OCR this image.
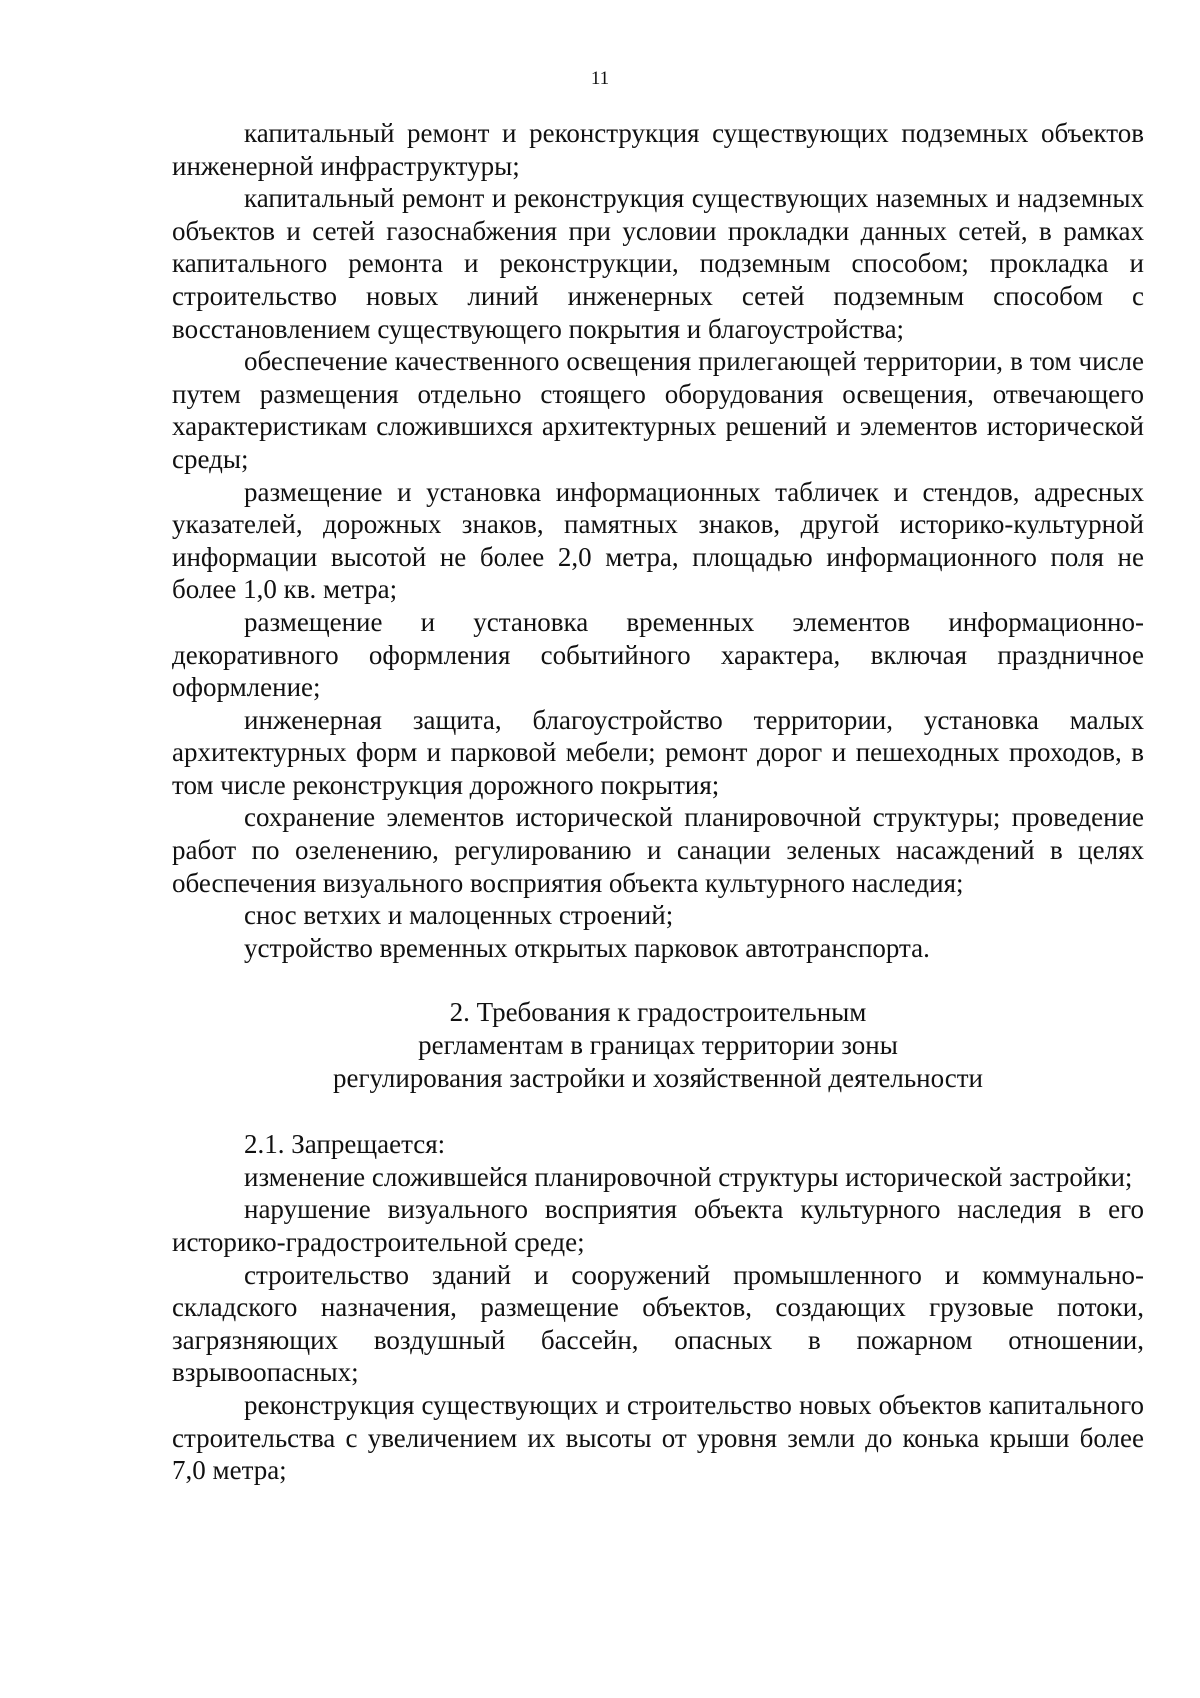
11

капитальный ремонт и реконструкция существующих подземных объектов инженерной инфраструктуры;

капитальный ремонт и реконструкция существующих наземных и надземных объектов и сетей газоснабжения при условии прокладки данных сетей, в рамках капитального ремонта и реконструкции, подземным способом; прокладка и строительство новых линий инженерных сетей подземным способом с восстановлением существующего покрытия и благоустройства;

обеспечение качественного освещения прилегающей территории, в том числе путем размещения отдельно стоящего оборудования освещения, отвечающего характеристикам сложившихся архитектурных решений и элементов исторической среды;

размещение и установка информационных табличек и стендов, адресных указателей, дорожных знаков, памятных знаков, другой историко-культурной информации высотой не более 2,0 метра, площадью информационного поля не более 1,0 кв. метра;

размещение и установка временных элементов информационно-декоративного оформления событийного характера, включая праздничное оформление;

инженерная защита, благоустройство территории, установка малых архитектурных форм и парковой мебели; ремонт дорог и пешеходных проходов, в том числе реконструкция дорожного покрытия;

сохранение элементов исторической планировочной структуры; проведение работ по озеленению, регулированию и санации зеленых насаждений в целях обеспечения визуального восприятия объекта культурного наследия;

снос ветхих и малоценных строений;

устройство временных открытых парковок автотранспорта.

2. Требования к градостроительным

регламентам в границах территории зоны

регулирования застройки и хозяйственной деятельности

2.1. Запрещается:

изменение сложившейся планировочной структуры исторической застройки;

нарушение визуального восприятия объекта культурного наследия в его историко-градостроительной среде;

строительство зданий и сооружений промышленного и коммунально-складского назначения, размещение объектов, создающих грузовые потоки, загрязняющих воздушный бассейн, опасных в пожарном отношении, взрывоопасных;

реконструкция существующих и строительство новых объектов капитального строительства с увеличением их высоты от уровня земли до конька крыши более 7,0 метра;
